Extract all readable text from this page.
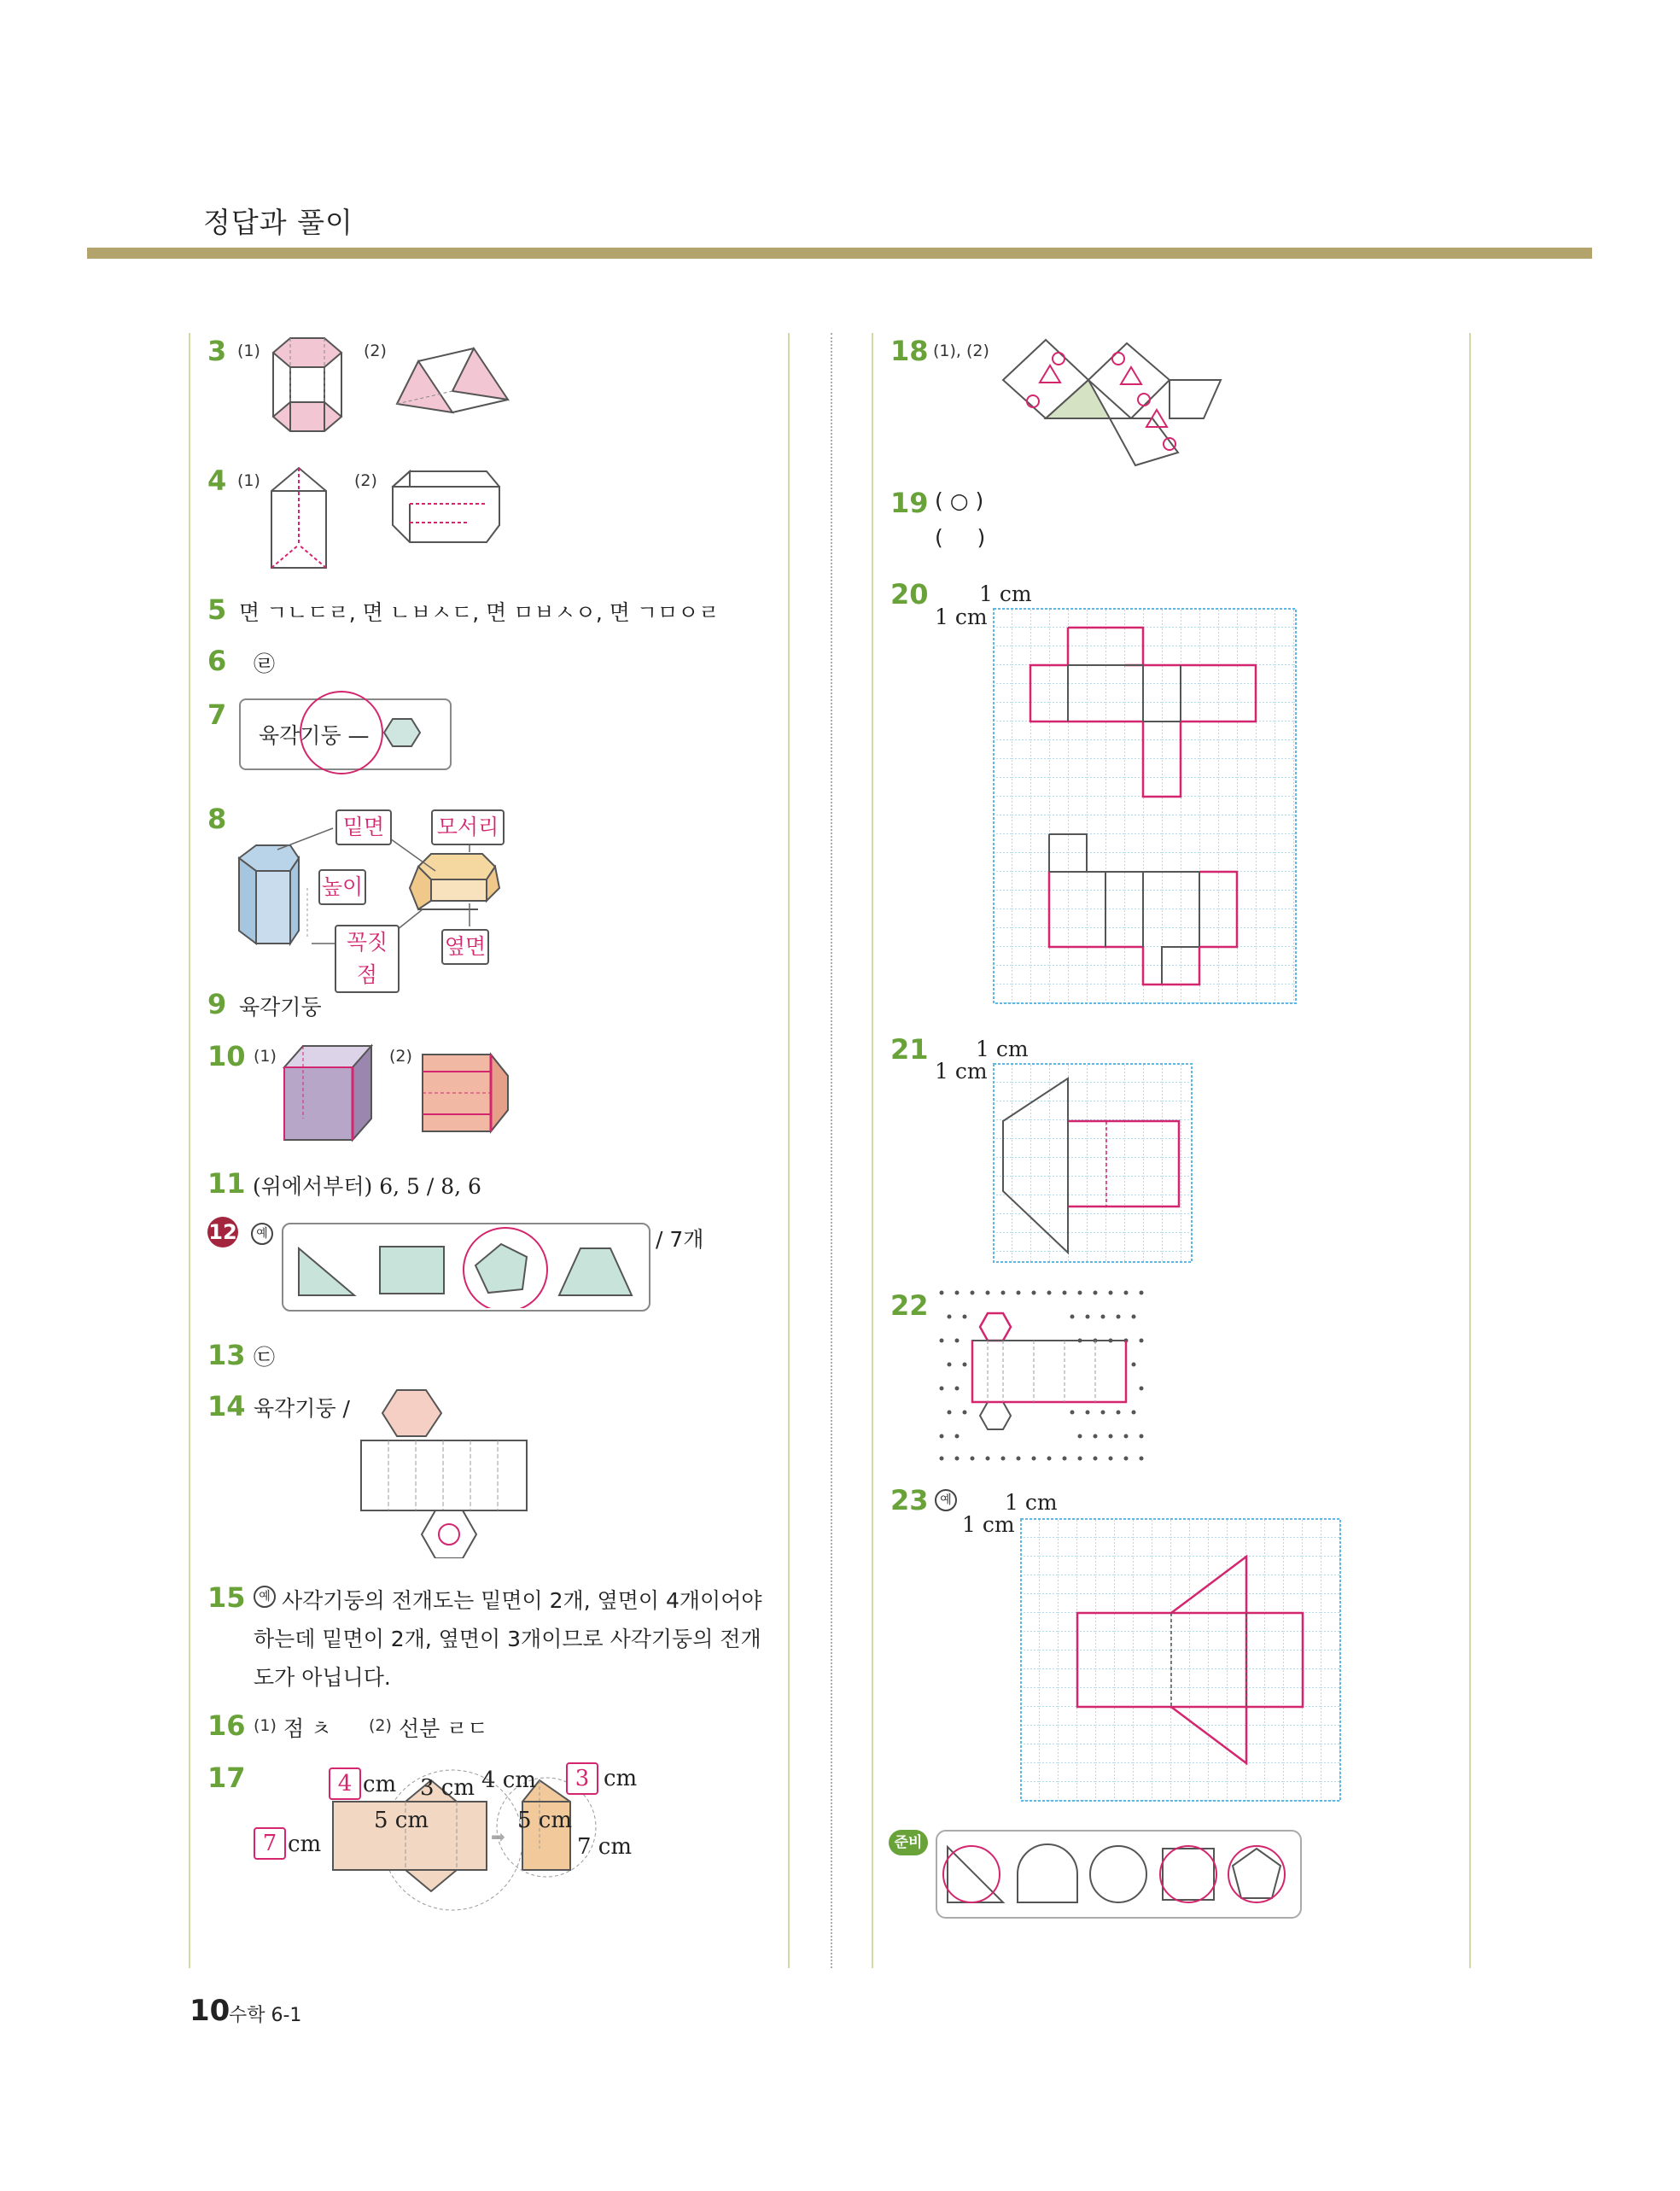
정답과 풀이
3 (1)	(2)
4 (1)	(2)
5 면 ㄱㄴㄷㄹ, 면 ㄴㅂㅅㄷ, 면 ㅁㅂㅅㅇ, 면 ㄱㅁㅇㄹ
6 ㉣
7
육각기둥 —
8	밑면	모서리
높이
꼭짓점
옆면
9 육각기둥
10 (1)	(2)
11 (위에서부터) 6, 5 / 8, 6
12	예	/ 7개
13 ㉢
14 육각기둥 /
15	예 사각기둥의 전개도는 밑면이 2개, 옆면이 4개이어야
하는데 밑면이 2개, 옆면이 3개이므로 사각기둥의 전개
도가 아닙니다.
16 (1) 점 ㅊ (2) 선분 ㄹㄷ
17
➡
4 cm 3 cm
5 cm
7 cm
4 cm	3 cm
5 cm
7 cm
18 (1), (2)
19 ( ○ )
(     )
20 1 cm
1 cm
21 1 cm
1 cm
22
23 예 1 cm
1 cm
준비
10
수학 6-1
